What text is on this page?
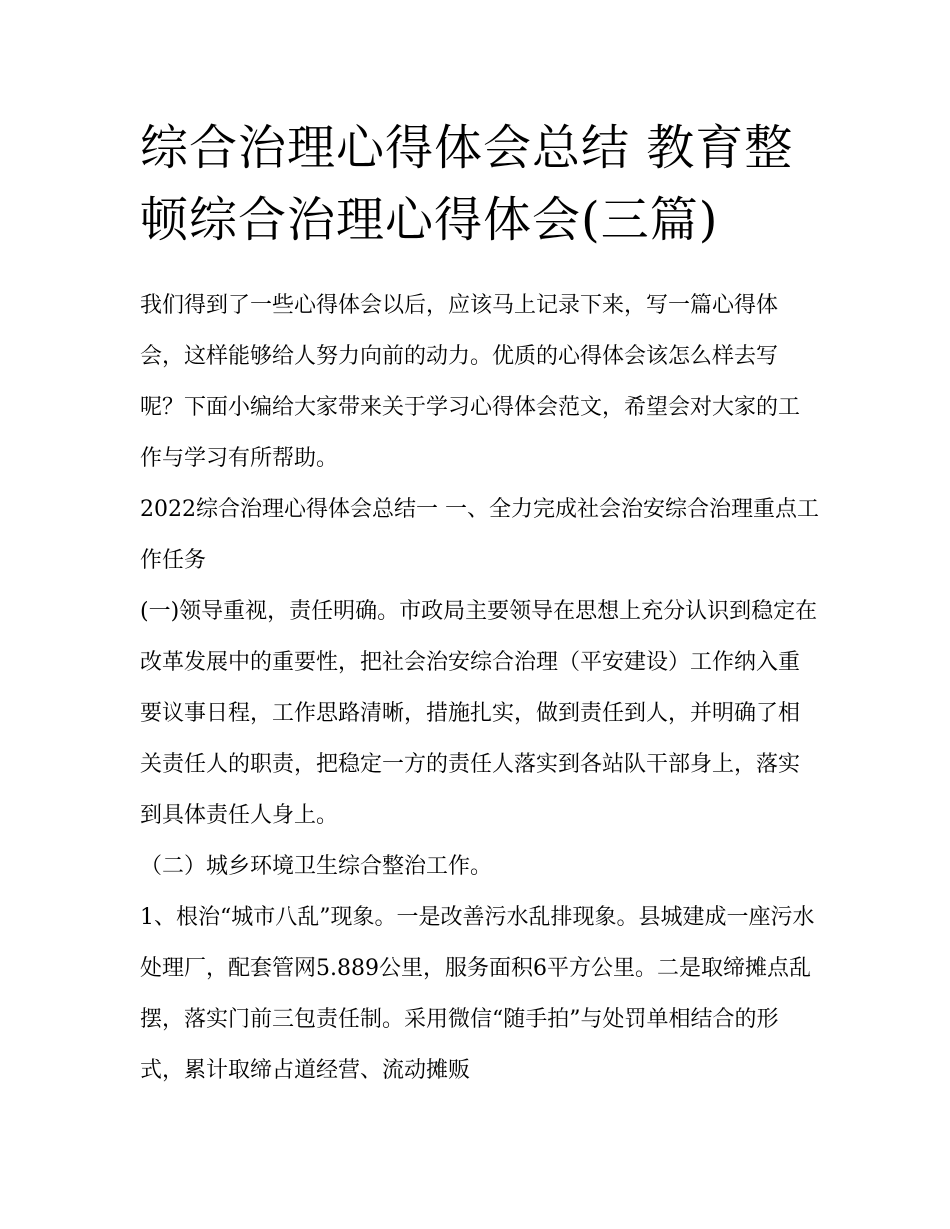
综合治理心得体会总结 教育整顿综合治理心得体会(三篇)

我们得到了一些心得体会以后，应该马上记录下来，写一篇心得体会，这样能够给人努力向前的动力。优质的心得体会该怎么样去写呢？下面小编给大家带来关于学习心得体会范文，希望会对大家的工作与学习有所帮助。

2022综合治理心得体会总结一 一、全力完成社会治安综合治理重点工作任务

(一)领导重视，责任明确。市政局主要领导在思想上充分认识到稳定在改革发展中的重要性，把社会治安综合治理（平安建设）工作纳入重要议事日程，工作思路清晰，措施扎实，做到责任到人，并明确了相关责任人的职责，把稳定一方的责任人落实到各站队干部身上，落实到具体责任人身上。

（二）城乡环境卫生综合整治工作。

1、根治“城市八乱”现象。一是改善污水乱排现象。县城建成一座污水处理厂，配套管网5.889公里，服务面积6平方公里。二是取缔摊点乱摆，落实门前三包责任制。采用微信“随手拍”与处罚单相结合的形式，累计取缔占道经营、流动摊贩
